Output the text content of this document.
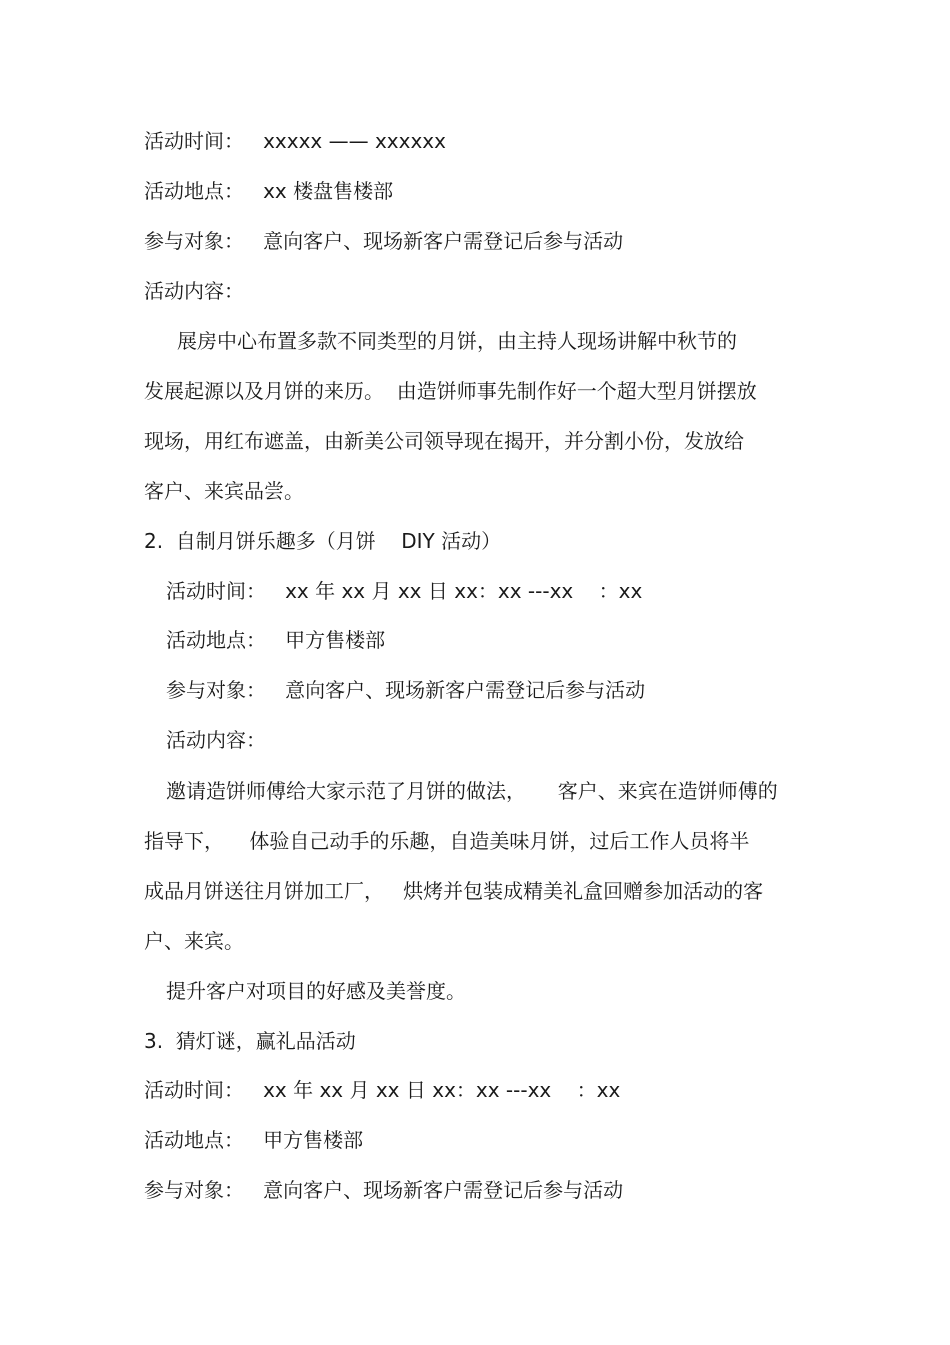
活动时间：   xxxxx —— xxxxxx

活动地点：   xx 楼盘售楼部

参与对象：   意向客户、现场新客户需登记后参与活动

活动内容：

展房中心布置多款不同类型的月饼，由主持人现场讲解中秋节的

发展起源以及月饼的来历。  由造饼师事先制作好一个超大型月饼摆放

现场，用红布遮盖，由新美公司领导现在揭开，并分割小份，发放给

客户、来宾品尝。

2.  自制月饼乐趣多（月饼    DIY 活动）

活动时间：   xx 年 xx 月 xx 日 xx：xx ---xx    ：xx

活动地点：   甲方售楼部

参与对象：   意向客户、现场新客户需登记后参与活动

活动内容：

邀请造饼师傅给大家示范了月饼的做法，     客户、来宾在造饼师傅的

指导下，    体验自己动手的乐趣，自造美味月饼，过后工作人员将半

成品月饼送往月饼加工厂，   烘烤并包装成精美礼盒回赠参加活动的客

户、来宾。

提升客户对项目的好感及美誉度。

3.  猜灯谜，赢礼品活动

活动时间：   xx 年 xx 月 xx 日 xx：xx ---xx    ：xx

活动地点：   甲方售楼部

参与对象：   意向客户、现场新客户需登记后参与活动
